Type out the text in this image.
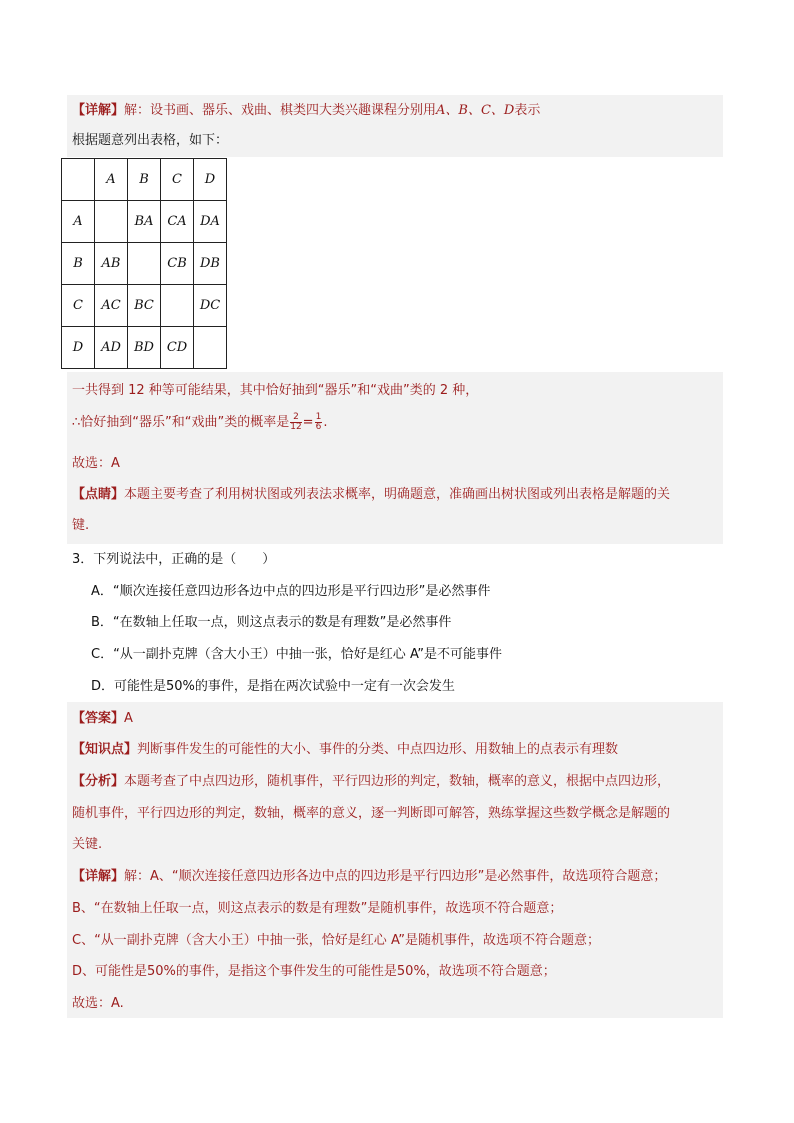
【详解】解：设书画、器乐、戏曲、棋类四大类兴趣课程分别用A、B、C、D表示
根据题意列出表格，如下：
	A	B	C	D
A		BA	CA	DA
B	AB		CB	DB
C	AC	BC		DC
D	AD	BD	CD	
一共得到 12 种等可能结果，其中恰好抽到“器乐”和“戏曲”类的 2 种，
∴恰好抽到“器乐”和“戏曲”类的概率是 $\frac{2}{12} = \frac{1}{6}$ .
故选：A
【点睛】本题主要考查了利用树状图或列表法求概率，明确题意，准确画出树状图或列出表格是解题的关
键.
3．下列说法中，正确的是（　　）
A．“顺次连接任意四边形各边中点的四边形是平行四边形”是必然事件
B．“在数轴上任取一点，则这点表示的数是有理数”是必然事件
C．“从一副扑克牌（含大小王）中抽一张，恰好是红心 A”是不可能事件
D．可能性是50%的事件，是指在两次试验中一定有一次会发生
【答案】A
【知识点】判断事件发生的可能性的大小、事件的分类、中点四边形、用数轴上的点表示有理数
【分析】本题考查了中点四边形，随机事件，平行四边形的判定，数轴，概率的意义，根据中点四边形，
随机事件，平行四边形的判定，数轴，概率的意义，逐一判断即可解答，熟练掌握这些数学概念是解题的
关键.
【详解】解：A、“顺次连接任意四边形各边中点的四边形是平行四边形”是必然事件，故选项符合题意；
B、“在数轴上任取一点，则这点表示的数是有理数”是随机事件，故选项不符合题意；
C、“从一副扑克牌（含大小王）中抽一张，恰好是红心 A”是随机事件，故选项不符合题意；
D、可能性是50%的事件，是指这个事件发生的可能性是50%，故选项不符合题意；
故选：A.
